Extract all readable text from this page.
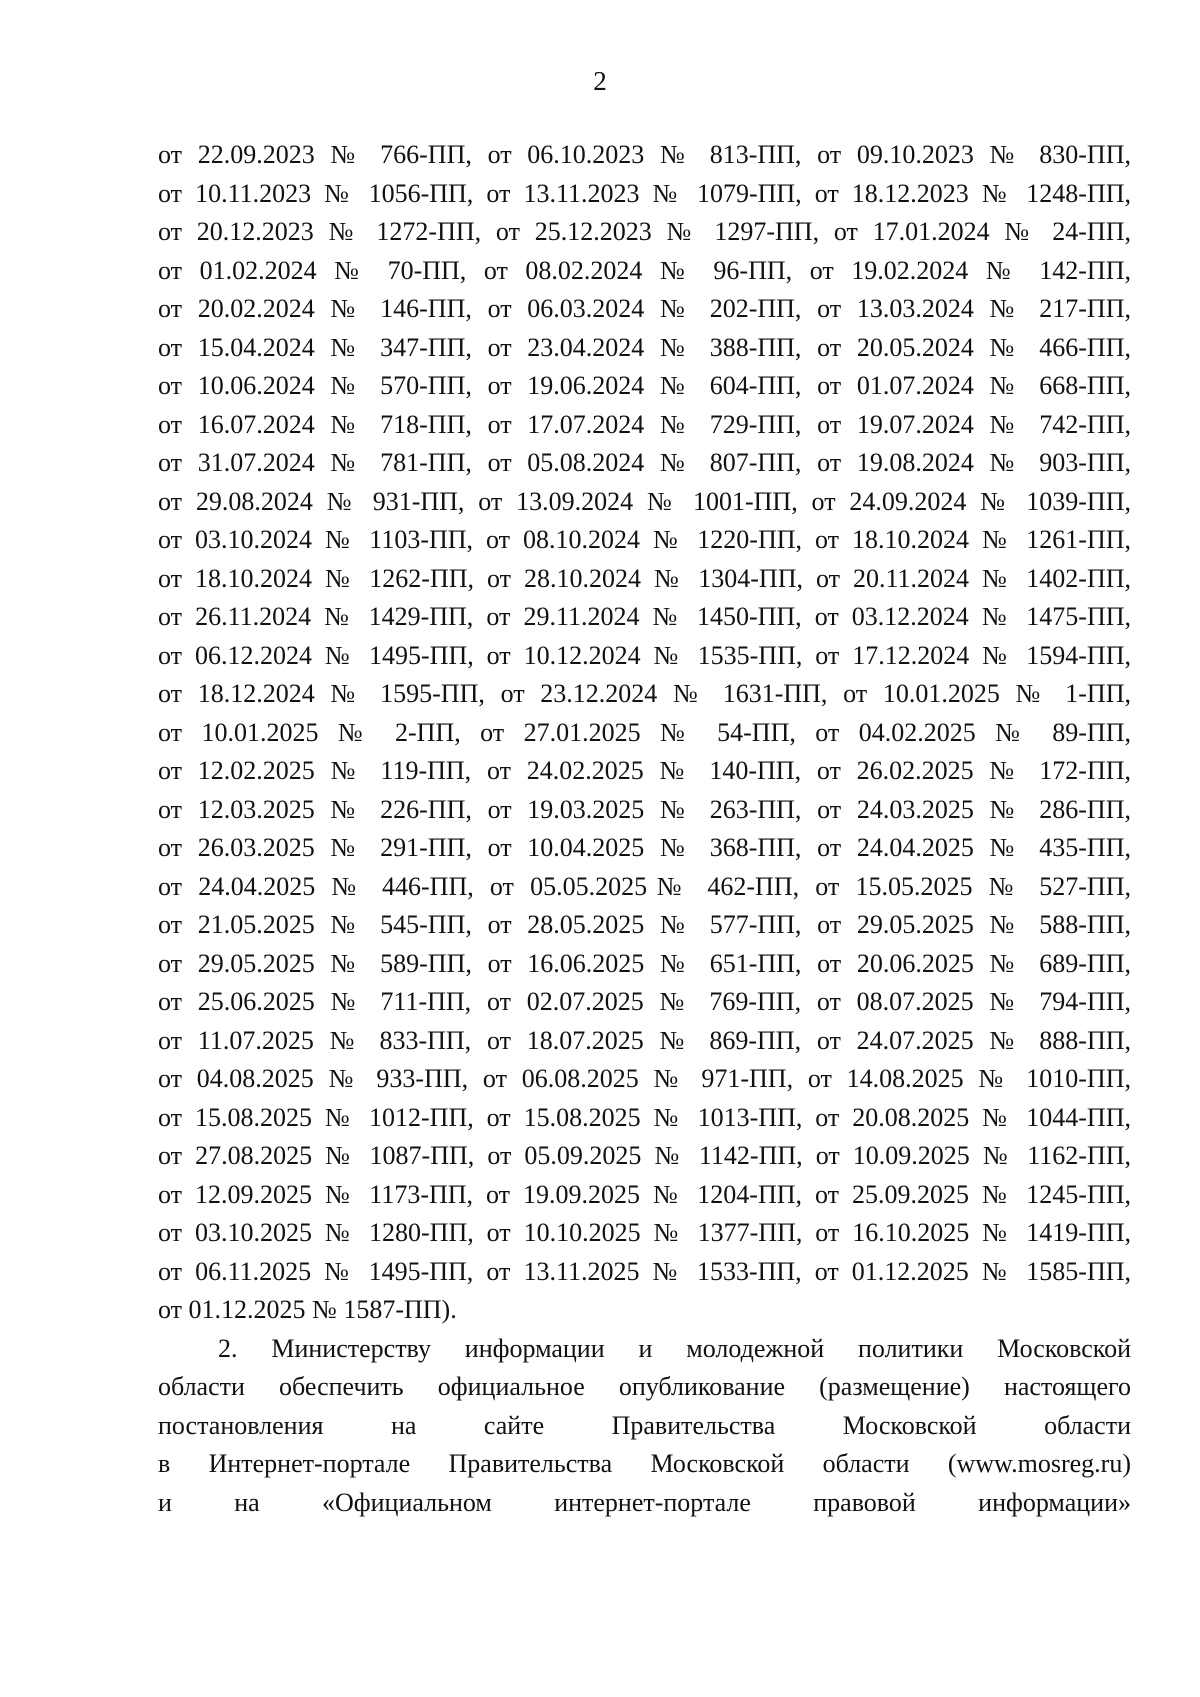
2
от 22.09.2023 № 766-ПП, от 06.10.2023 № 813-ПП, от 09.10.2023 № 830-ПП,
от 10.11.2023 № 1056-ПП, от 13.11.2023 № 1079-ПП, от 18.12.2023 № 1248-ПП,
от 20.12.2023 № 1272-ПП, от 25.12.2023 № 1297-ПП, от 17.01.2024 № 24-ПП,
от 01.02.2024 № 70-ПП, от 08.02.2024 № 96-ПП, от 19.02.2024 № 142-ПП,
от 20.02.2024 № 146-ПП, от 06.03.2024 № 202-ПП, от 13.03.2024 № 217-ПП,
от 15.04.2024 № 347-ПП, от 23.04.2024 № 388-ПП, от 20.05.2024 № 466-ПП,
от 10.06.2024 № 570-ПП, от 19.06.2024 № 604-ПП, от 01.07.2024 № 668-ПП,
от 16.07.2024 № 718-ПП, от 17.07.2024 № 729-ПП, от 19.07.2024 № 742-ПП,
от 31.07.2024 № 781-ПП, от 05.08.2024 № 807-ПП, от 19.08.2024 № 903-ПП,
от 29.08.2024 № 931-ПП, от 13.09.2024 № 1001-ПП, от 24.09.2024 № 1039-ПП,
от 03.10.2024 № 1103-ПП, от 08.10.2024 № 1220-ПП, от 18.10.2024 № 1261-ПП,
от 18.10.2024 № 1262-ПП, от 28.10.2024 № 1304-ПП, от 20.11.2024 № 1402-ПП,
от 26.11.2024 № 1429-ПП, от 29.11.2024 № 1450-ПП, от 03.12.2024 № 1475-ПП,
от 06.12.2024 № 1495-ПП, от 10.12.2024 № 1535-ПП, от 17.12.2024 № 1594-ПП,
от 18.12.2024 № 1595-ПП, от 23.12.2024 № 1631-ПП, от 10.01.2025 № 1-ПП,
от 10.01.2025 № 2-ПП, от 27.01.2025 № 54-ПП, от 04.02.2025 № 89-ПП,
от 12.02.2025 № 119-ПП, от 24.02.2025 № 140-ПП, от 26.02.2025 № 172-ПП,
от 12.03.2025 № 226-ПП, от 19.03.2025 № 263-ПП, от 24.03.2025 № 286-ПП,
от 26.03.2025 № 291-ПП, от 10.04.2025 № 368-ПП, от 24.04.2025 № 435-ПП,
от 24.04.2025 № 446-ПП, от 05.05.2025№ 462-ПП, от 15.05.2025 № 527-ПП,
от 21.05.2025 № 545-ПП, от 28.05.2025 № 577-ПП, от 29.05.2025 № 588-ПП,
от 29.05.2025 № 589-ПП, от 16.06.2025 № 651-ПП, от 20.06.2025 № 689-ПП,
от 25.06.2025 № 711-ПП, от 02.07.2025 № 769-ПП, от 08.07.2025 № 794-ПП,
от 11.07.2025 № 833-ПП, от 18.07.2025 № 869-ПП, от 24.07.2025 № 888-ПП,
от 04.08.2025 № 933-ПП, от 06.08.2025 № 971-ПП, от 14.08.2025 № 1010-ПП,
от 15.08.2025 № 1012-ПП, от 15.08.2025 № 1013-ПП, от 20.08.2025 № 1044-ПП,
от 27.08.2025 № 1087-ПП, от 05.09.2025 № 1142-ПП, от 10.09.2025 № 1162-ПП,
от 12.09.2025 № 1173-ПП, от 19.09.2025 № 1204-ПП, от 25.09.2025 № 1245-ПП,
от 03.10.2025 № 1280-ПП, от 10.10.2025 № 1377-ПП, от 16.10.2025 № 1419-ПП,
от 06.11.2025 № 1495-ПП, от 13.11.2025 № 1533-ПП, от 01.12.2025 № 1585-ПП,
от 01.12.2025 № 1587-ПП).
2. Министерству информации и молодежной политики Московской
области обеспечить официальное опубликование (размещение) настоящего
постановления на сайте Правительства Московской области
в Интернет-портале Правительства Московской области (www.mosreg.ru)
и на «Официальном интернет-портале правовой информации»
